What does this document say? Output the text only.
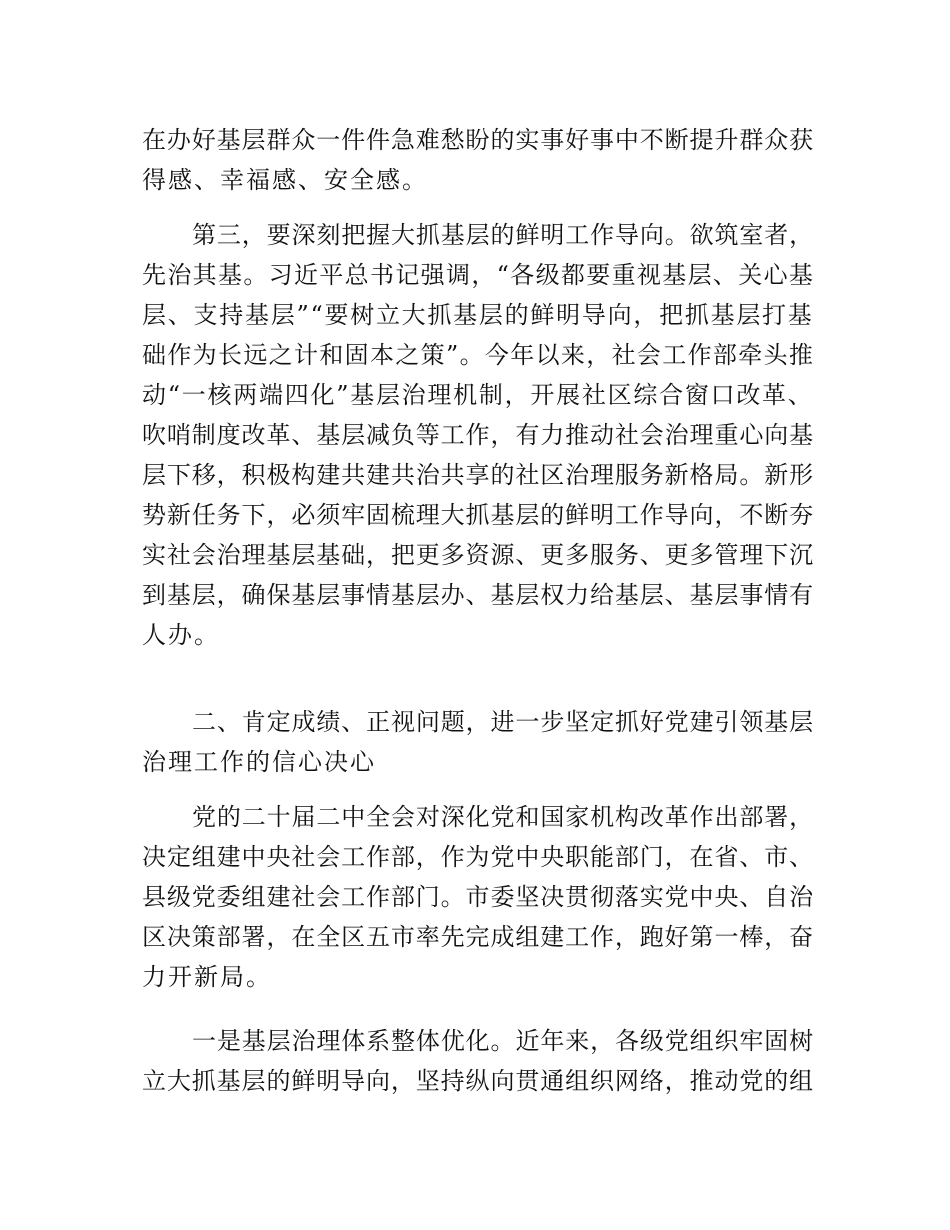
在办好基层群众一件件急难愁盼的实事好事中不断提升群众获
得感、幸福感、安全感。
第三，要深刻把握大抓基层的鲜明工作导向。欲筑室者，
先治其基。习近平总书记强调，“各级都要重视基层、关心基
层、支持基层”“要树立大抓基层的鲜明导向，把抓基层打基
础作为长远之计和固本之策”。今年以来，社会工作部牵头推
动“一核两端四化”基层治理机制，开展社区综合窗口改革、
吹哨制度改革、基层减负等工作，有力推动社会治理重心向基
层下移，积极构建共建共治共享的社区治理服务新格局。新形
势新任务下，必须牢固梳理大抓基层的鲜明工作导向，不断夯
实社会治理基层基础，把更多资源、更多服务、更多管理下沉
到基层，确保基层事情基层办、基层权力给基层、基层事情有
人办。
二、肯定成绩、正视问题，进一步坚定抓好党建引领基层
治理工作的信心决心
党的二十届二中全会对深化党和国家机构改革作出部署，
决定组建中央社会工作部，作为党中央职能部门，在省、市、
县级党委组建社会工作部门。市委坚决贯彻落实党中央、自治
区决策部署，在全区五市率先完成组建工作，跑好第一棒，奋
力开新局。
一是基层治理体系整体优化。近年来，各级党组织牢固树
立大抓基层的鲜明导向，坚持纵向贯通组织网络，推动党的组
